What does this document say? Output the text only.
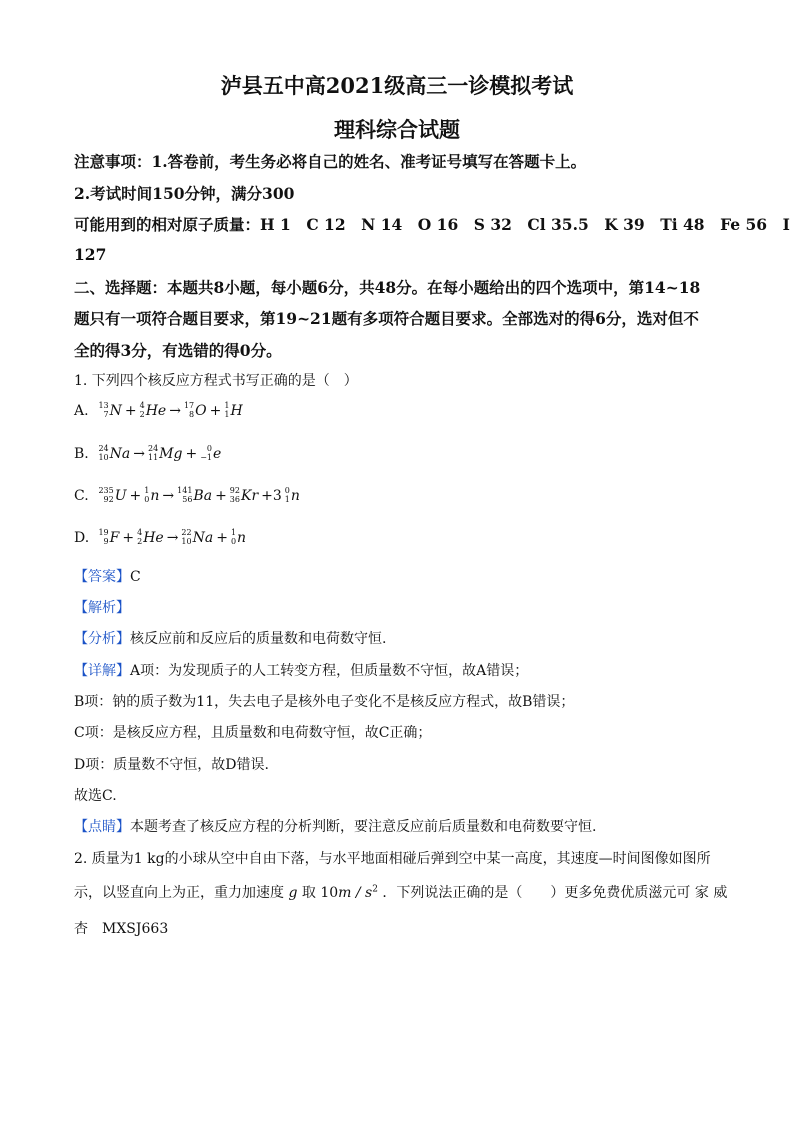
泸县五中高2021级高三一诊模拟考试
理科综合试题
注意事项：1.答卷前，考生务必将自己的姓名、准考证号填写在答题卡上。
2.考试时间150分钟，满分300
可能用到的相对原子质量：H 1　C 12　N 14　O 16　S 32　Cl 35.5　K 39　Ti 48　Fe 56　I
127
二、选择题：本题共8小题，每小题6分，共48分。在每小题给出的四个选项中，第14~18
题只有一项符合题目要求，第19~21题有多项符合题目要求。全部选对的得6分，选对但不
全的得3分，有选错的得0分。
1. 下列四个核反应方程式书写正确的是（　）
A. 13
7 N + 4
2 He → 17
8 O + 1
1 H
B. 24
10 Na → 24
11 Mg +	0
−1 e
C. 235
92 U + 1
0 n → 141
56 Ba + 92
36 Kr +3 0
1 n
D. 19
9 F + 4
2 He → 22
10 Na + 1
0 n
【答案】C
【解析】
【分析】核反应前和反应后的质量数和电荷数守恒.
【详解】A项：为发现质子的人工转变方程，但质量数不守恒，故A错误；
B项：钠的质子数为11，失去电子是核外电子变化不是核反应方程式，故B错误；
C项：是核反应方程，且质量数和电荷数守恒，故C正确；
D项：质量数不守恒，故D错误.
故选C.
【点睛】本题考查了核反应方程的分析判断，要注意反应前后质量数和电荷数要守恒.
2. 质量为1 kg的小球从空中自由下落，与水平地面相碰后弹到空中某一高度，其速度—时间图像如图所
示，以竖直向上为正，重力加速度 g 取 $10m / s^2$ ．下列说法正确的是（　　）更多免费优质滋元可 家 威
杏　MXSJ663
